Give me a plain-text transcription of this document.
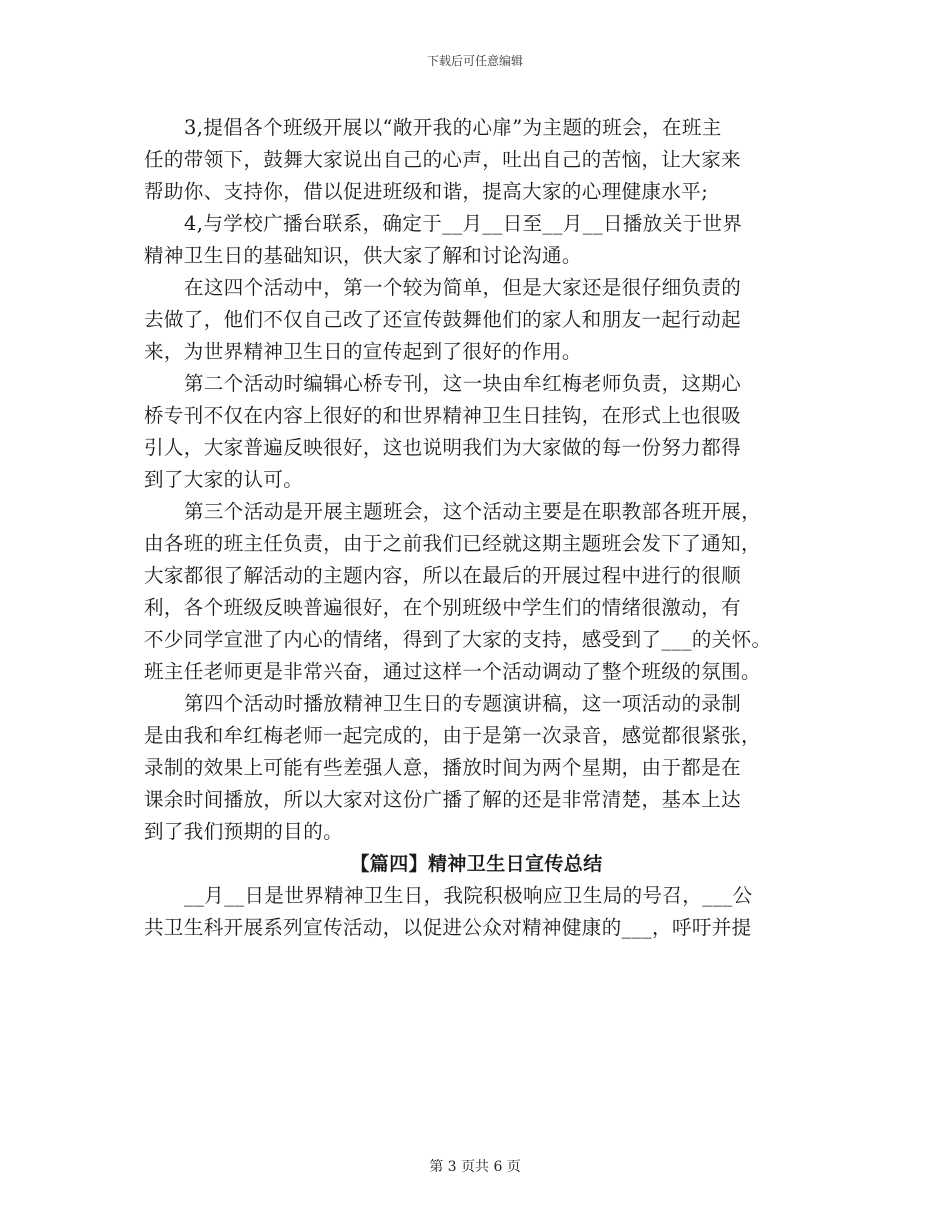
下载后可任意编辑
3,提倡各个班级开展以“敞开我的心扉”为主题的班会，在班主
任的带领下，鼓舞大家说出自己的心声，吐出自己的苦恼，让大家来
帮助你、支持你，借以促进班级和谐，提高大家的心理健康水平;
4,与学校广播台联系，确定于__月__日至__月__日播放关于世界
精神卫生日的基础知识，供大家了解和讨论沟通。
在这四个活动中，第一个较为简单，但是大家还是很仔细负责的
去做了，他们不仅自己改了还宣传鼓舞他们的家人和朋友一起行动起
来，为世界精神卫生日的宣传起到了很好的作用。
第二个活动时编辑心桥专刊，这一块由牟红梅老师负责，这期心
桥专刊不仅在内容上很好的和世界精神卫生日挂钩，在形式上也很吸
引人，大家普遍反映很好，这也说明我们为大家做的每一份努力都得
到了大家的认可。
第三个活动是开展主题班会，这个活动主要是在职教部各班开展，
由各班的班主任负责，由于之前我们已经就这期主题班会发下了通知，
大家都很了解活动的主题内容，所以在最后的开展过程中进行的很顺
利，各个班级反映普遍很好，在个别班级中学生们的情绪很激动，有
不少同学宣泄了内心的情绪，得到了大家的支持，感受到了___的关怀。
班主任老师更是非常兴奋，通过这样一个活动调动了整个班级的氛围。
第四个活动时播放精神卫生日的专题演讲稿，这一项活动的录制
是由我和牟红梅老师一起完成的，由于是第一次录音，感觉都很紧张，
录制的效果上可能有些差强人意，播放时间为两个星期，由于都是在
课余时间播放，所以大家对这份广播了解的还是非常清楚，基本上达
到了我们预期的目的。
【篇四】精神卫生日宣传总结
__月__日是世界精神卫生日，我院积极响应卫生局的号召，___公
共卫生科开展系列宣传活动，以促进公众对精神健康的___，呼吁并提
第 3 页共 6 页
